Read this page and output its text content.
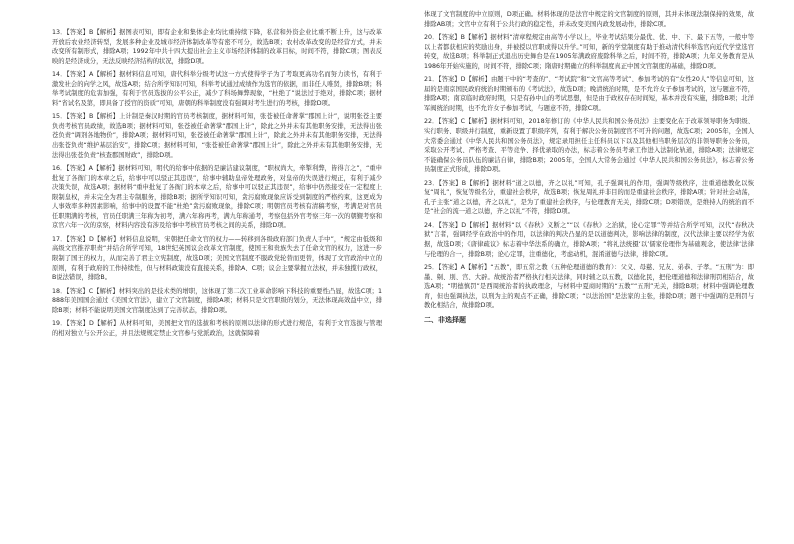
13．【答案】B【解析】据图表可知，即有企业和集体企业均比重持续下降，私营和外资企业比重不断上升，这与改革开放后农业经济转型，发展多种企业及城市经济体制改革等有密不可分，故选B项；农村改革改变的是经营方式，并未改变所有制形式，排除A项；1992年中共十四大提出社会主义市场经济体制的改革目标，时间不符，排除C项；图表反映的是经济成分，无法反映经济结构的状况，排除D项。

14．【答案】A【解析】据材料信息可知，唐代科举分级考试这一方式使得学子为了考取更高功名而努力读书，有利于激发社会的向学之风，故选A项；结合所学知识可知，科举考试通过成绩作为选官的依据，而非任人唯贤，排除B项；科举考试制度的危害加强，有利于官员选拔的公平公正，减少了科场舞弊现象，“杜绝了”说法过于绝对，排除C项；据材料“省试名及第，即具备了授官的资质”可知，唐朝的科举制度没有强调对考生进行的考核，排除D项。

15．【答案】B【解析】上计制是秦汉时期的官员考核制度，据材料可知，张苍被任命著掌“郡国上计”，说明张苍主要负责考核官员政绩，故选B项；据材料可知，张苍被任命著掌“郡国上计”，除此之外并未有其他职务安排，无法得出张苍负责“调剂各地物价”，排除A项；据材料可知，张苍被任命著掌“郡国上计”，除此之外并未有其他职务安排，无法得出张苍负责“维护基层治安”，排除C项；据材料可知，“张苍被任命著掌“郡国上计”，除此之外并未有其他职务安排，无法得出张苍负责“核查郡国财政”，排除D项。

16．【答案】A【解析】据材料可知，明代的给事中依据的是廉洁建议制度，“职权尚大，牵掣利弊，皆得言之”，“重申批复了各衙门的本章之后，给事中可以驳正其违误”，给事中辅助皇帝处理政务，对皇帝的失误进行规正，有利于减少决策失误，故选A项；据材料“重申批复了各衙门的本章之后，给事中可以驳正其违误”，给事中仍然接受在一定程度上限制皇权，并未完全为君主专制服务，排除B项；据所学知识可知，贪污腐败现象应诉受到制度的严格约束，这更成为人事效率多种因素影响，给事中的设置不能“杜绝”贪污腐败现象，排除C项；明朝官员考核有清稿考察，考满是对官员任职期满的考核，官员任职满三年称为初考，满六年称再考，满九年称通考，考察包括外官考察三年一次的朝觐考察和京官六年一次的京察，材料内容没有涉及给事中考核官员考核之间的关系，排除D项。

17．【答案】D【解析】材料信息说明，宋朝把任命文官的权力——转移到各级政府部门负责人手中”，“规定由低级和高级文官推荐职责“并结合所学可知，18世纪英国议会改革文官制度，使国王和贵族失去了任命文官的权力，这进一步限制了国王的权力，从而完善了君主立宪制度，故选D项；美国文官制度不服政党轮替而更替，体现了文官政治中立的原则，有利于政府的工作持续性，但与材料政策没有直接关系，排除A、C项；议会主要掌握立法权，并未独揽行政权，B说法错误，排除B。

18．【答案】C【解析】材料突出的是技术类的增职，这体现了第二次工业革命影响下科技的重要性凸显，故选C项；1888年美国国会通过《美国文官法》，建立了文官制度，排除A项；材料只是文官职级的划分，无法体现高效益中立，排除B项；材料不能说明美国文官制度达到了完善状态，排除D项。

19．【答案】D【解析】从材料可知，美国把文官的选拔和考核的原则以法律的形式进行规范，有利于文官选拔与管理的相对独立与公开公正，并且法规规定禁止文官参与党派政治，这就保障着

体现了文官制度的中立原则，D项正确。材料体现的是法官中规定的文官制度的原则，其并未体现法制保持的效果，故排除AB项；文官中立有利于公共行政的稳定性，并未改变美国内政发展动作，排除C项。

20．【答案】B【解析】据材料“清章程规定由高等小学以上，毕业考试结果分最优、优、中、下、最下五等，一般中等以上者都获相应的奖励出身，并被授以官职或得以升学。”可知，新的学堂制度有助于推动清代科举选官向近代学堂选官转变，故选B项；科举制正式退出历史舞台是在1905年满政府废除科举之后，时间不符，排除A项；九年义务教育是从1986年开始实施的，时间不符，排除C项；隋唐时期确立的科举制度真正中国文官制度的基础，排除D项。

21．【答案】D【解析】由题干中的“考查的”、“考试院”和“文官高等考试”、参加考试的有“女性20人”等信息可知，这届的是南京国民政府统治时期颁布的《考试法》，故选D项；晚清统治时期，是不允许女子参加考试的，这与题意不符，排除A项；南京临时政府时期，只是有孙中山的考试思想，但是由于政权存在时间短，基本并没有实施，排除B项；北洋军阀统治时期，也不允许女子参加考试，与题意不符，排除C项。

22．【答案】C【解析】据材料可知，2018年修订的《中华人民共和国公务员法》主要变化在于改革领导职务为职级、实行职务、职级并行制度，重新设置了职级序列，有利于解决公务员制度官不可升的问题，故选C项；2005年，全国人大常委会通过《中华人民共和国公务员法》，规定录用担任主任科员以下以及其他相当职务层次的非领导职务公务员，采取公开考试、严格考查、平等竞争、择优录取的办法，标志着公务员考录工作进入法制化轨道，排除A项；法律规定不能确保公务员队伍的廉洁自律，排除B项；2005年，全国人大常务会通过《中华人民共和国公务员法》，标志着公务员制度正式形成，排除D项。

23．【答案】B【解析】据材料“道之以德，齐之以礼”可知，孔子强调礼的作用，强调等级秩序，注重道德教化以恢复“周礼”，恢复等级名分，重建社会秩序，故选B项；恢复周礼并非目的而是重建社会秩序，排除A项；针对社会动荡，孔子主张“道之以德，齐之以礼”，是为了重建社会秩序，与伦理教育无关，排除C项；D项错误，是维持人的统治而不是“社会的流一道之以德，齐之以礼”不符，排除D项。

24．【答案】D【解析】据材料“以《春秋》义断之”“以《春秋》之治狱，论心定罪”等并结合所学可知，汉代“春秋决狱”言者，强调经学在政治中的作用，以法律的判决凸显的是以道德判决，影响法律的制度，汉代法律主要以经学为依据，故选D项；《唐律疏议》标志着中华法系的确立，排除A项；“将礼法统摄‘以’儒家伦理作为基础观念，使法律‘法律与伦理的合一，排除B项；论心定罪，注重德化，考虑动机，混淆道德与法律，排除C项。

25．【答案】A【解析】“五教”，即五常之教（五种伦理道德的教育）：父义、母慈、兄友、弟恭、子孝。“五刑”为：即墨、劓、刖、宫、大辟。故统治者严格执行相关法律，同时辅之以五教，以德化民，把伦理道德和法律刑罚相结合，故选A项；“明德慎罚”是西周统治者的执政理念，与材料中夏商时期的“五教”“五刑”无关，排除B项；材料中强调伦理教育，但也强调执法，以刑为主的观点不正确，排除C项；“以法治国”是法家的主张，排除D项；题干中强调的是刑罚与教化相结合，故排除D项。

二、非选择题
